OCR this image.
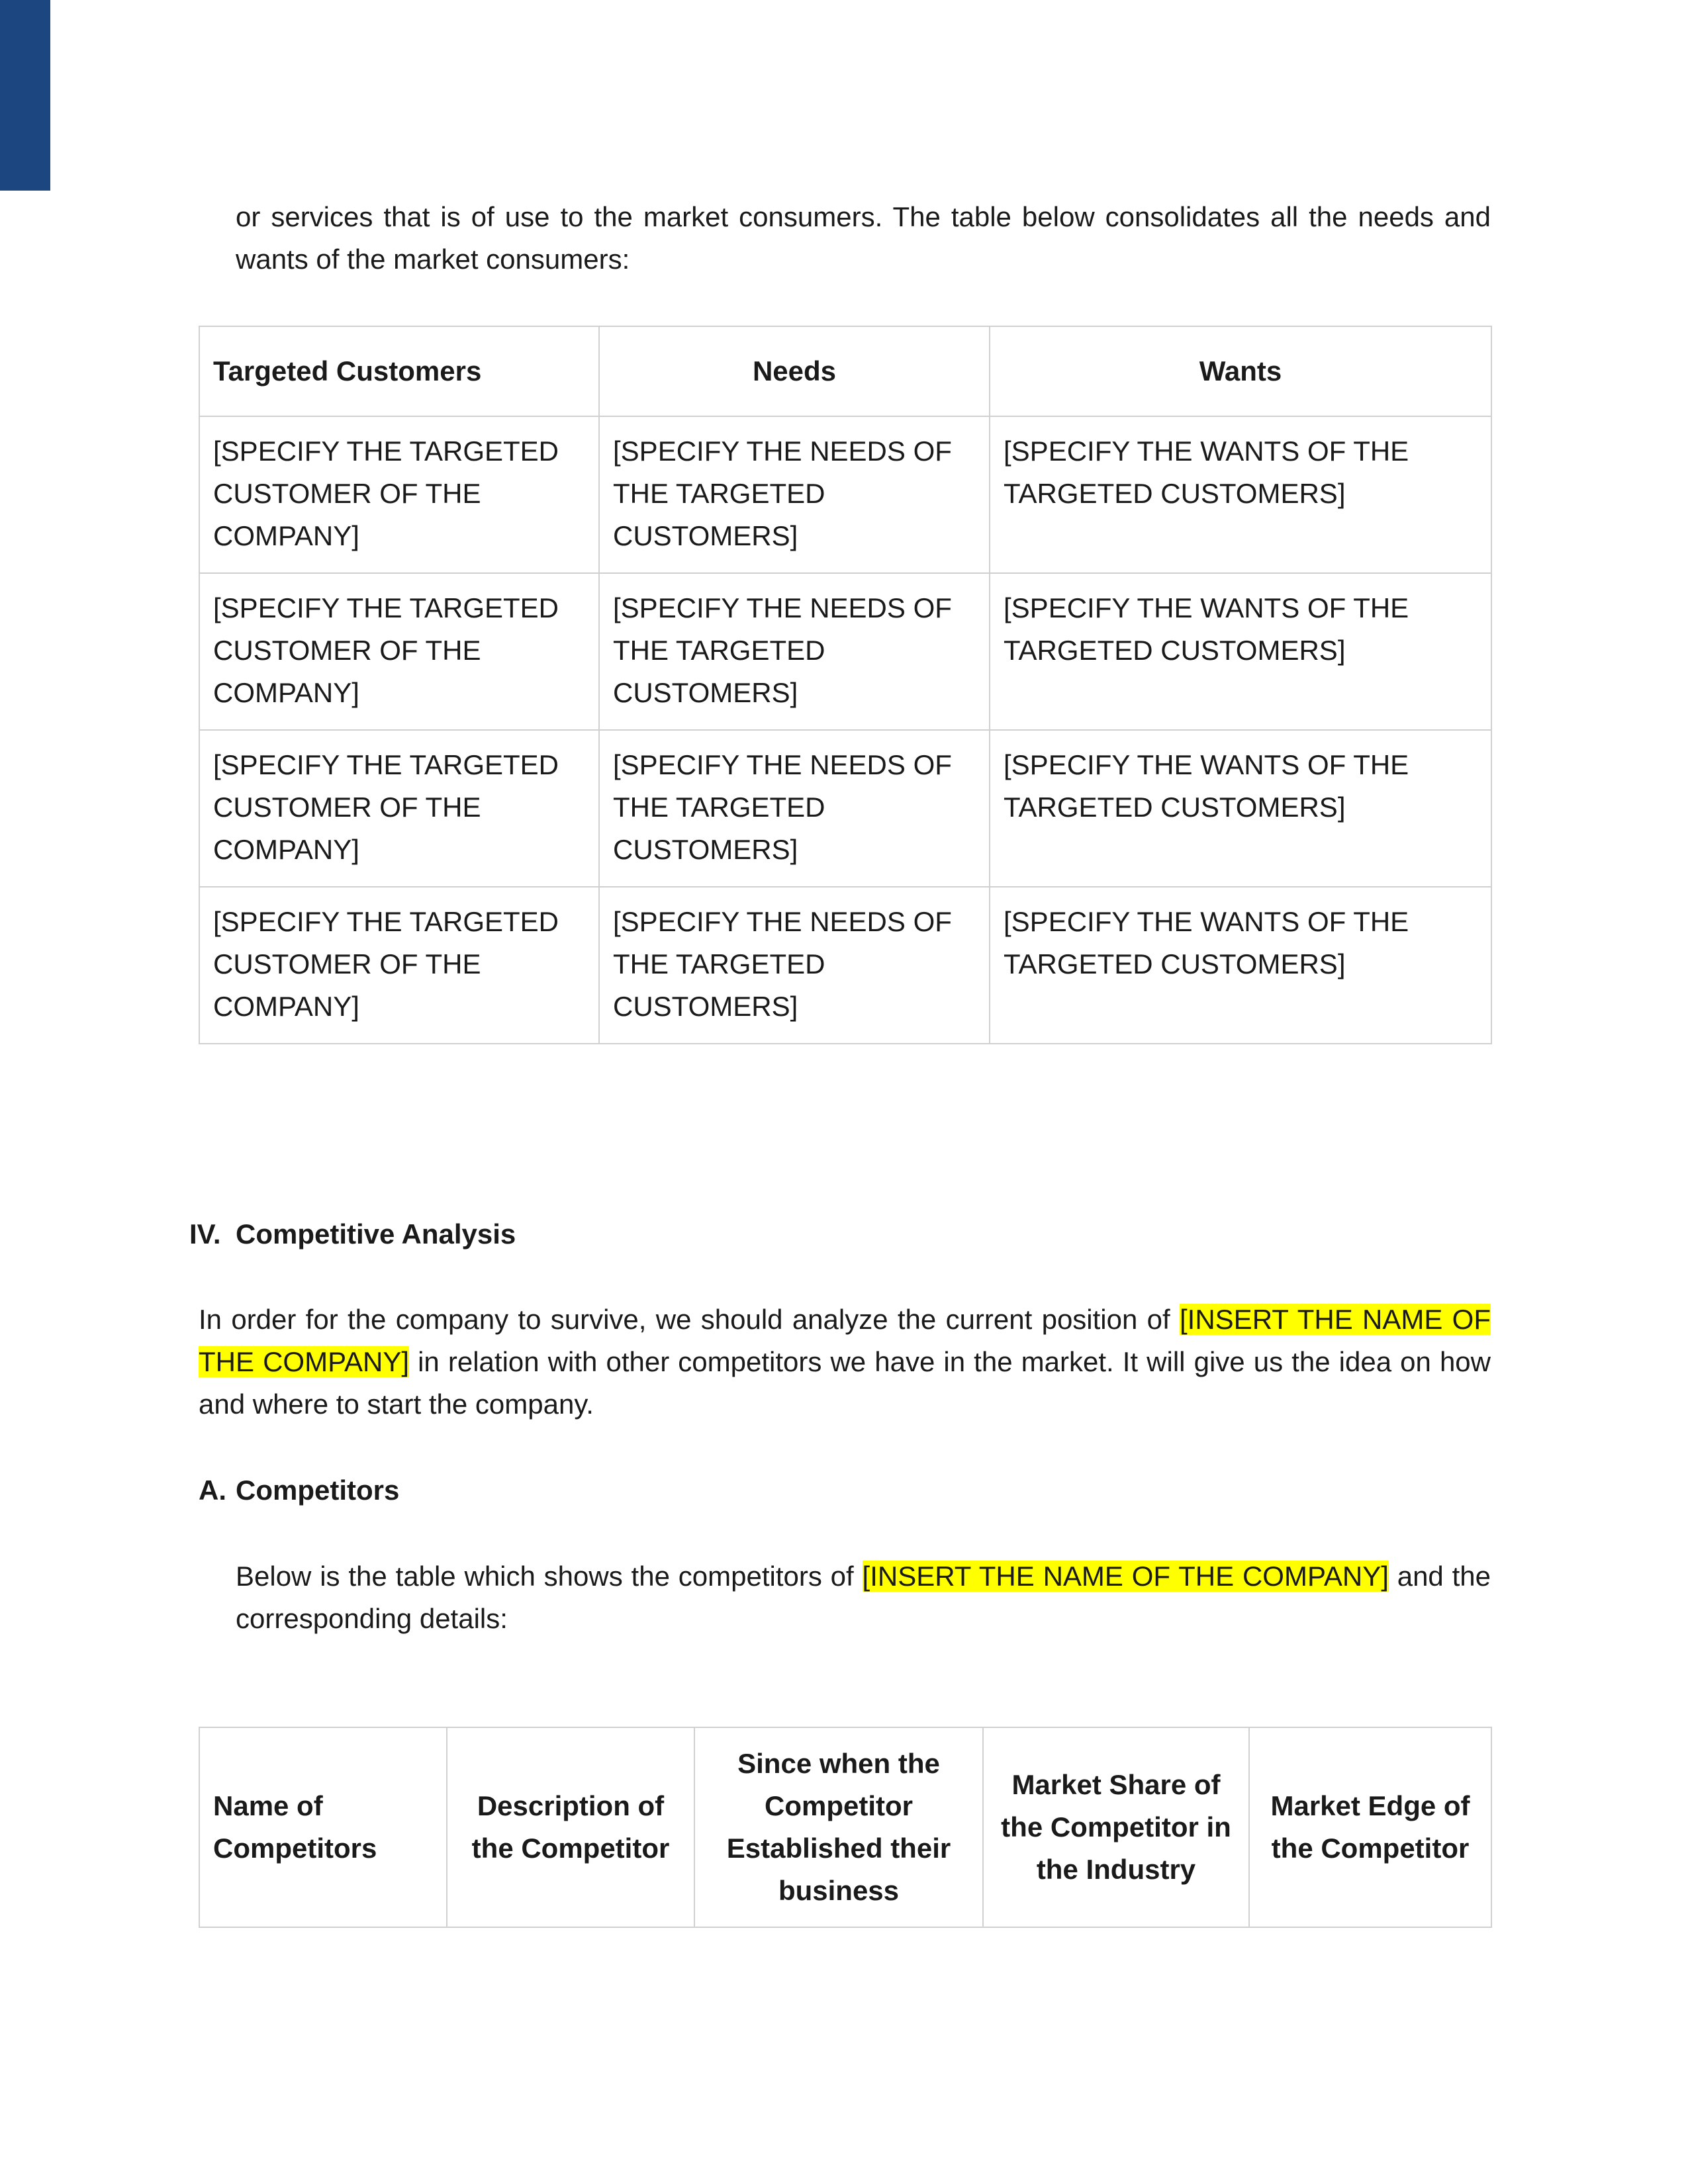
or services that is of use to the market consumers. The table below consolidates all the needs and wants of the market consumers:

Targeted Customers	Needs	Wants
[SPECIFY THE TARGETED CUSTOMER OF THE COMPANY]	[SPECIFY THE NEEDS OF THE TARGETED CUSTOMERS]	[SPECIFY THE WANTS OF THE TARGETED CUSTOMERS]
[SPECIFY THE TARGETED CUSTOMER OF THE COMPANY]	[SPECIFY THE NEEDS OF THE TARGETED CUSTOMERS]	[SPECIFY THE WANTS OF THE TARGETED CUSTOMERS]
[SPECIFY THE TARGETED CUSTOMER OF THE COMPANY]	[SPECIFY THE NEEDS OF THE TARGETED CUSTOMERS]	[SPECIFY THE WANTS OF THE TARGETED CUSTOMERS]
[SPECIFY THE TARGETED CUSTOMER OF THE COMPANY]	[SPECIFY THE NEEDS OF THE TARGETED CUSTOMERS]	[SPECIFY THE WANTS OF THE TARGETED CUSTOMERS]
IV. Competitive Analysis

In order for the company to survive, we should analyze the current position of [INSERT THE NAME OF THE COMPANY] in relation with other competitors we have in the market. It will give us the idea on how and where to start the company.

A. Competitors

Below is the table which shows the competitors of [INSERT THE NAME OF THE COMPANY] and the corresponding details:

Name of Competitors	Description of the Competitor	Since when the Competitor Established their business	Market Share of the Competitor in the Industry	Market Edge of the Competitor
